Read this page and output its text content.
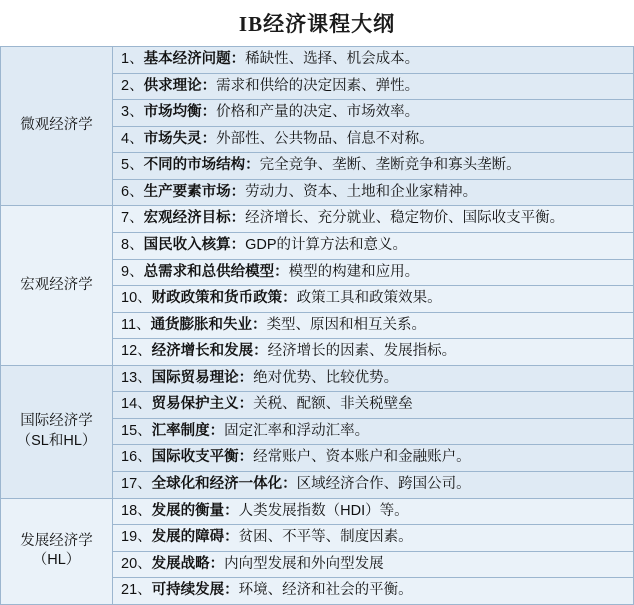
IB经济课程大纲
微观经济学	1、基本经济问题：稀缺性、选择、机会成本。
	2、供求理论：需求和供给的决定因素、弹性。
	3、市场均衡：价格和产量的决定、市场效率。
	4、市场失灵：外部性、公共物品、信息不对称。
	5、不同的市场结构：完全竞争、垄断、垄断竞争和寡头垄断。
	6、生产要素市场：劳动力、资本、土地和企业家精神。

宏观经济学	7、宏观经济目标：经济增长、充分就业、稳定物价、国际收支平衡。
	8、国民收入核算：GDP的计算方法和意义。
	9、总需求和总供给模型：模型的构建和应用。
	10、财政政策和货币政策：政策工具和政策效果。
	11、通货膨胀和失业：类型、原因和相互关系。
	12、经济增长和发展：经济增长的因素、发展指标。

国际经济学
（SL和HL）	13、国际贸易理论：绝对优势、比较优势。
	14、贸易保护主义：关税、配额、非关税壁垒
	15、汇率制度：固定汇率和浮动汇率。
	16、国际收支平衡：经常账户、资本账户和金融账户。
	17、全球化和经济一体化：区域经济合作、跨国公司。

发展经济学
（HL）	18、发展的衡量：人类发展指数（HDI）等。
	19、发展的障碍：贫困、不平等、制度因素。
	20、发展战略：内向型发展和外向型发展
	21、可持续发展：环境、经济和社会的平衡。
